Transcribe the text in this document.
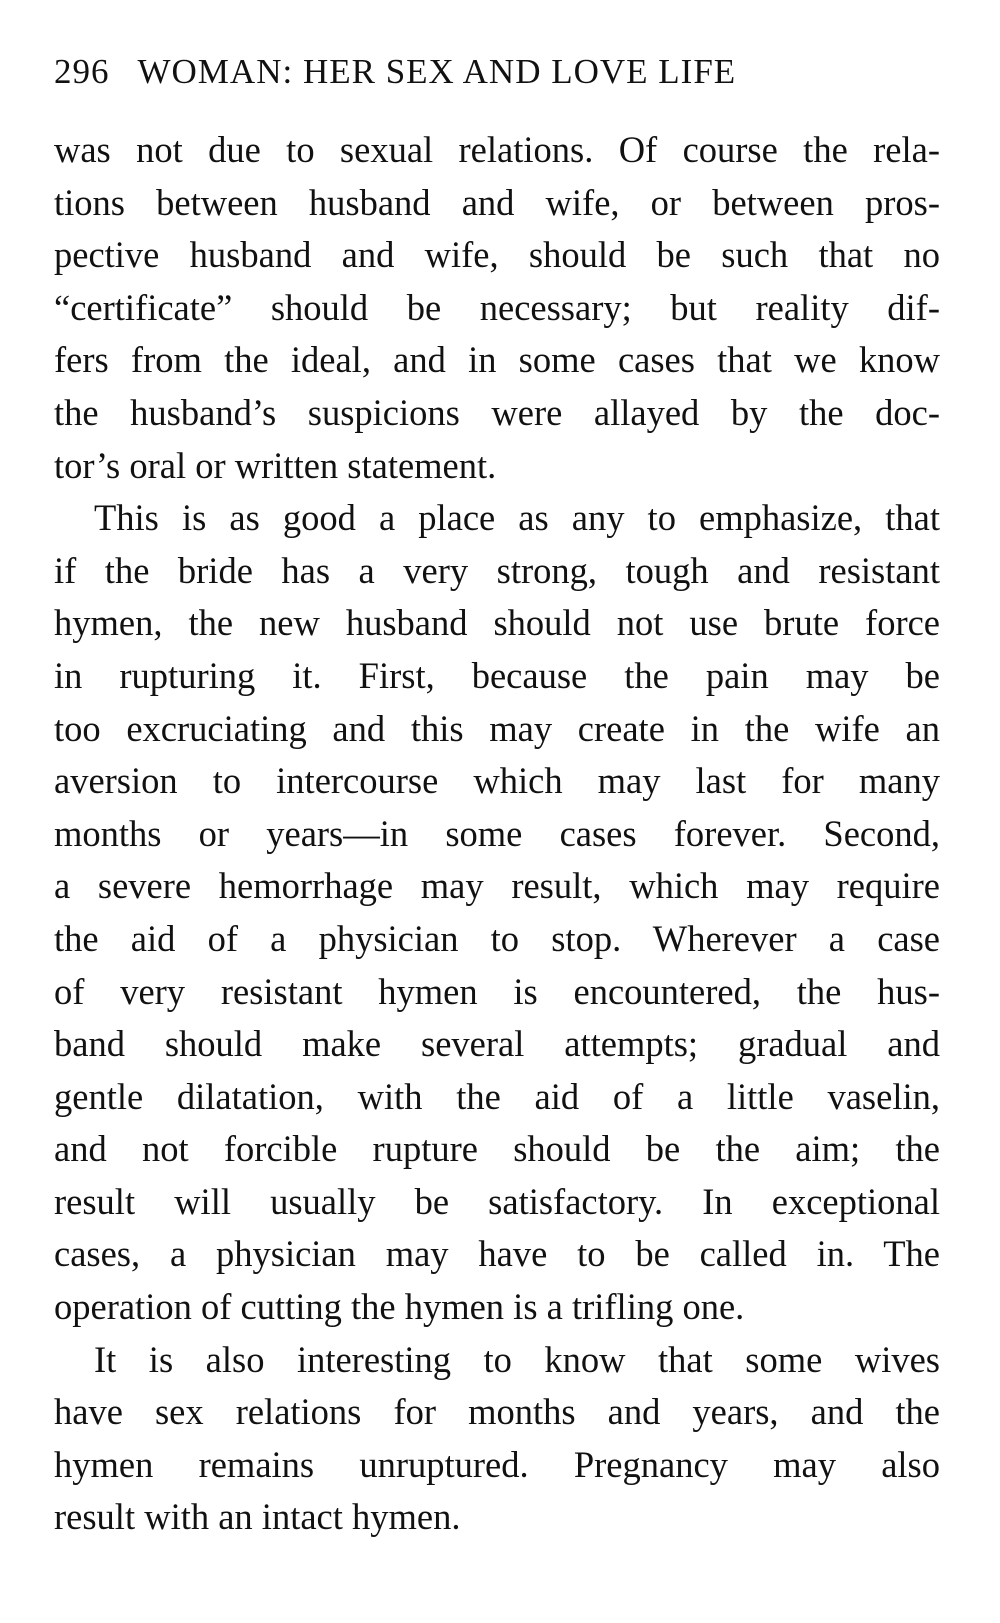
296 WOMAN: HER SEX AND LOVE LIFE
was not due to sexual relations. Of course the rela-
tions between husband and wife, or between pros-
pective husband and wife, should be such that no
“certificate” should be necessary; but reality dif-
fers from the ideal, and in some cases that we know
the husband’s suspicions were allayed by the doc-
tor’s oral or written statement.
This is as good a place as any to emphasize, that
if the bride has a very strong, tough and resistant
hymen, the new husband should not use brute force
in rupturing it. First, because the pain may be
too excruciating and this may create in the wife an
aversion to intercourse which may last for many
months or years—in some cases forever. Second,
a severe hemorrhage may result, which may require
the aid of a physician to stop. Wherever a case
of very resistant hymen is encountered, the hus-
band should make several attempts; gradual and
gentle dilatation, with the aid of a little vaselin,
and not forcible rupture should be the aim; the
result will usually be satisfactory. In exceptional
cases, a physician may have to be called in. The
operation of cutting the hymen is a trifling one.
It is also interesting to know that some wives
have sex relations for months and years, and the
hymen remains unruptured. Pregnancy may also
result with an intact hymen.
